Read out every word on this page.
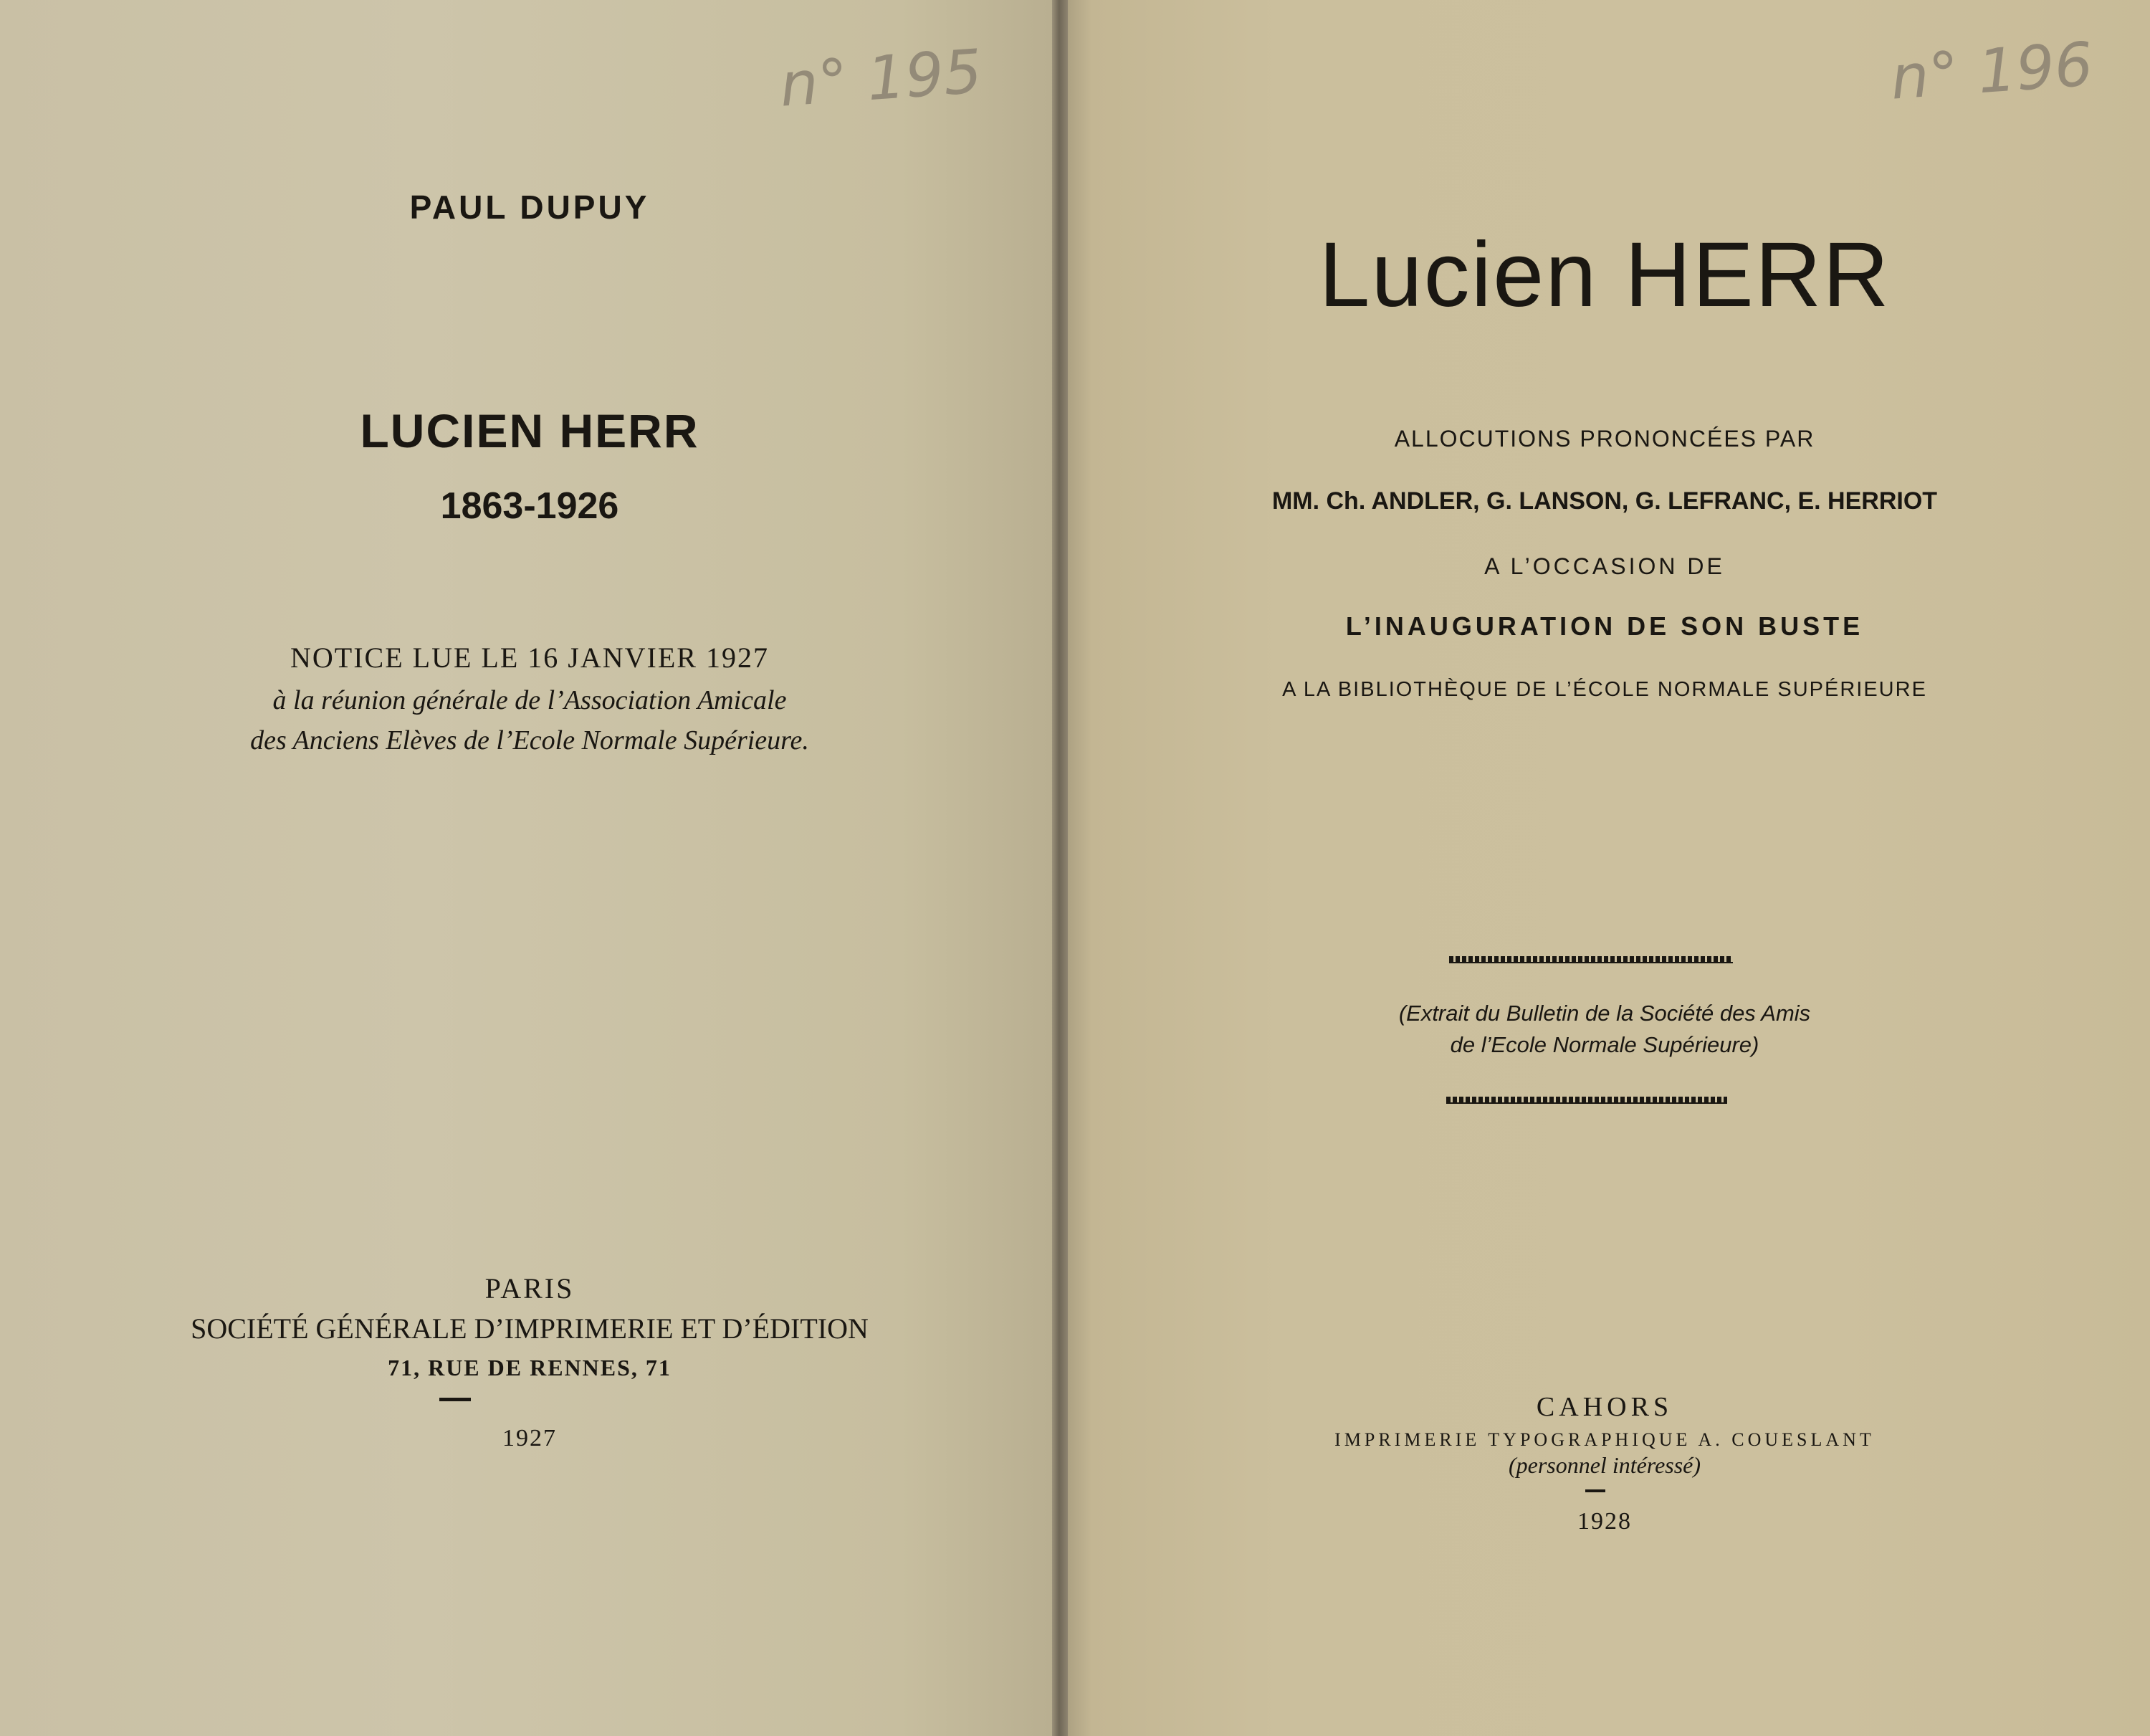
n° 195
PAUL DUPUY
LUCIEN HERR
1863-1926
NOTICE LUE LE 16 JANVIER 1927
à la réunion générale de l’Association Amicale
des Anciens Elèves de l’Ecole Normale Supérieure.
PARIS
SOCIÉTÉ GÉNÉRALE D’IMPRIMERIE ET D’ÉDITION
71, RUE DE RENNES, 71
1927
n° 196
Lucien HERR
ALLOCUTIONS PRONONCÉES PAR
MM. Ch. ANDLER, G. LANSON, G. LEFRANC, E. HERRIOT
A L’OCCASION DE
L’INAUGURATION DE SON BUSTE
A LA BIBLIOTHÈQUE DE L’ÉCOLE NORMALE SUPÉRIEURE
(Extrait du Bulletin de la Société des Amis
de l’Ecole Normale Supérieure)
CAHORS
IMPRIMERIE TYPOGRAPHIQUE A. COUESLANT
(personnel intéressé)
1928
